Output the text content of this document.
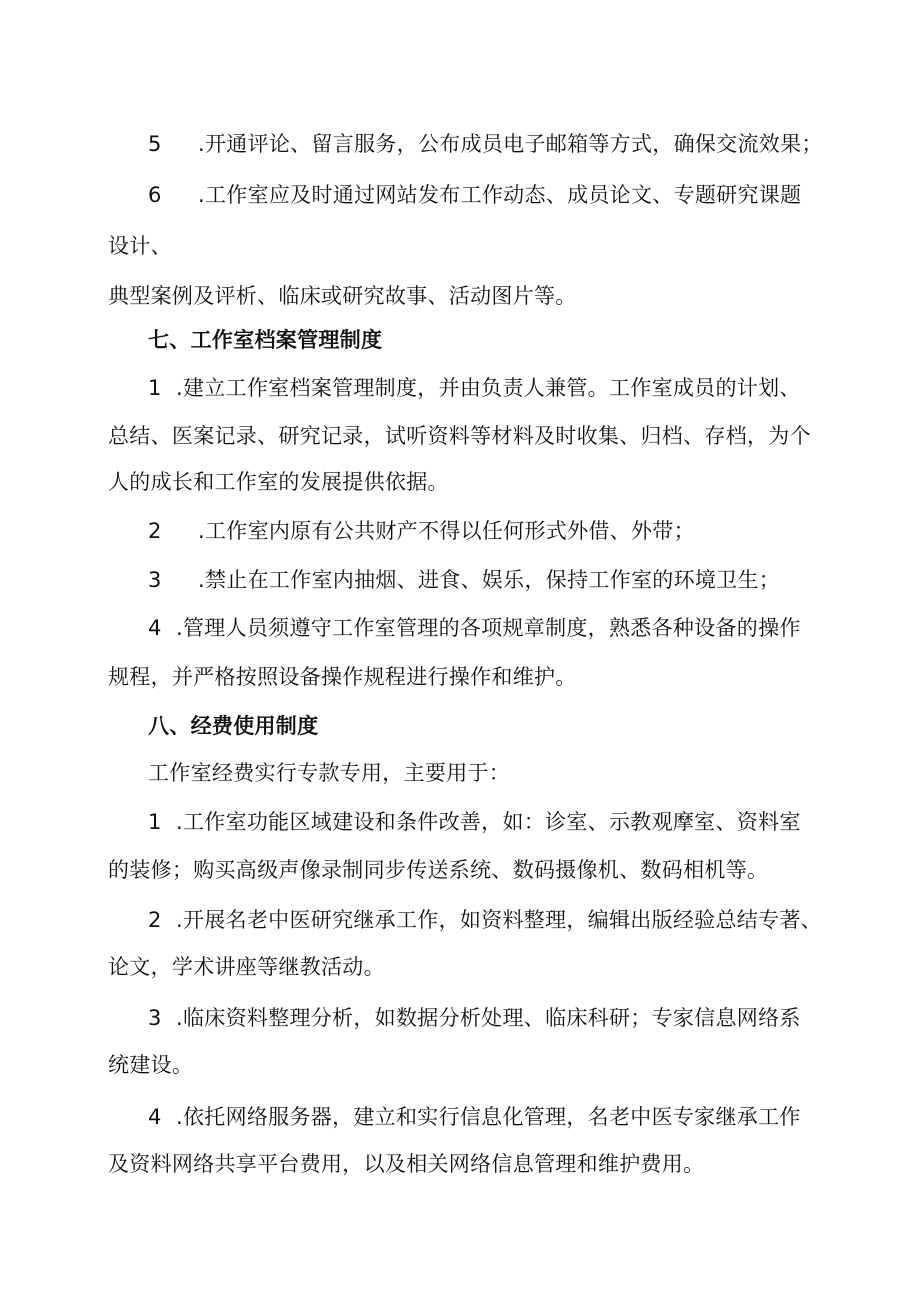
5 .开通评论、留言服务，公布成员电子邮箱等方式，确保交流效果；
6 .工作室应及时通过网站发布工作动态、成员论文、专题研究课题
设计、
典型案例及评析、临床或研究故事、活动图片等。
七、工作室档案管理制度
1 .建立工作室档案管理制度，并由负责人兼管。工作室成员的计划、
总结、医案记录、研究记录，试听资料等材料及时收集、归档、存档，为个
人的成长和工作室的发展提供依据。
2 .工作室内原有公共财产不得以任何形式外借、外带；
3 .禁止在工作室内抽烟、进食、娱乐，保持工作室的环境卫生；
4 .管理人员须遵守工作室管理的各项规章制度，熟悉各种设备的操作
规程，并严格按照设备操作规程进行操作和维护。
八、经费使用制度
工作室经费实行专款专用，主要用于：
1 .工作室功能区域建设和条件改善，如：诊室、示教观摩室、资料室
的装修；购买高级声像录制同步传送系统、数码摄像机、数码相机等。
2 .开展名老中医研究继承工作，如资料整理，编辑出版经验总结专著、
论文，学术讲座等继教活动。
3 .临床资料整理分析，如数据分析处理、临床科研；专家信息网络系
统建设。
4 .依托网络服务器，建立和实行信息化管理，名老中医专家继承工作
及资料网络共享平台费用，以及相关网络信息管理和维护费用。
